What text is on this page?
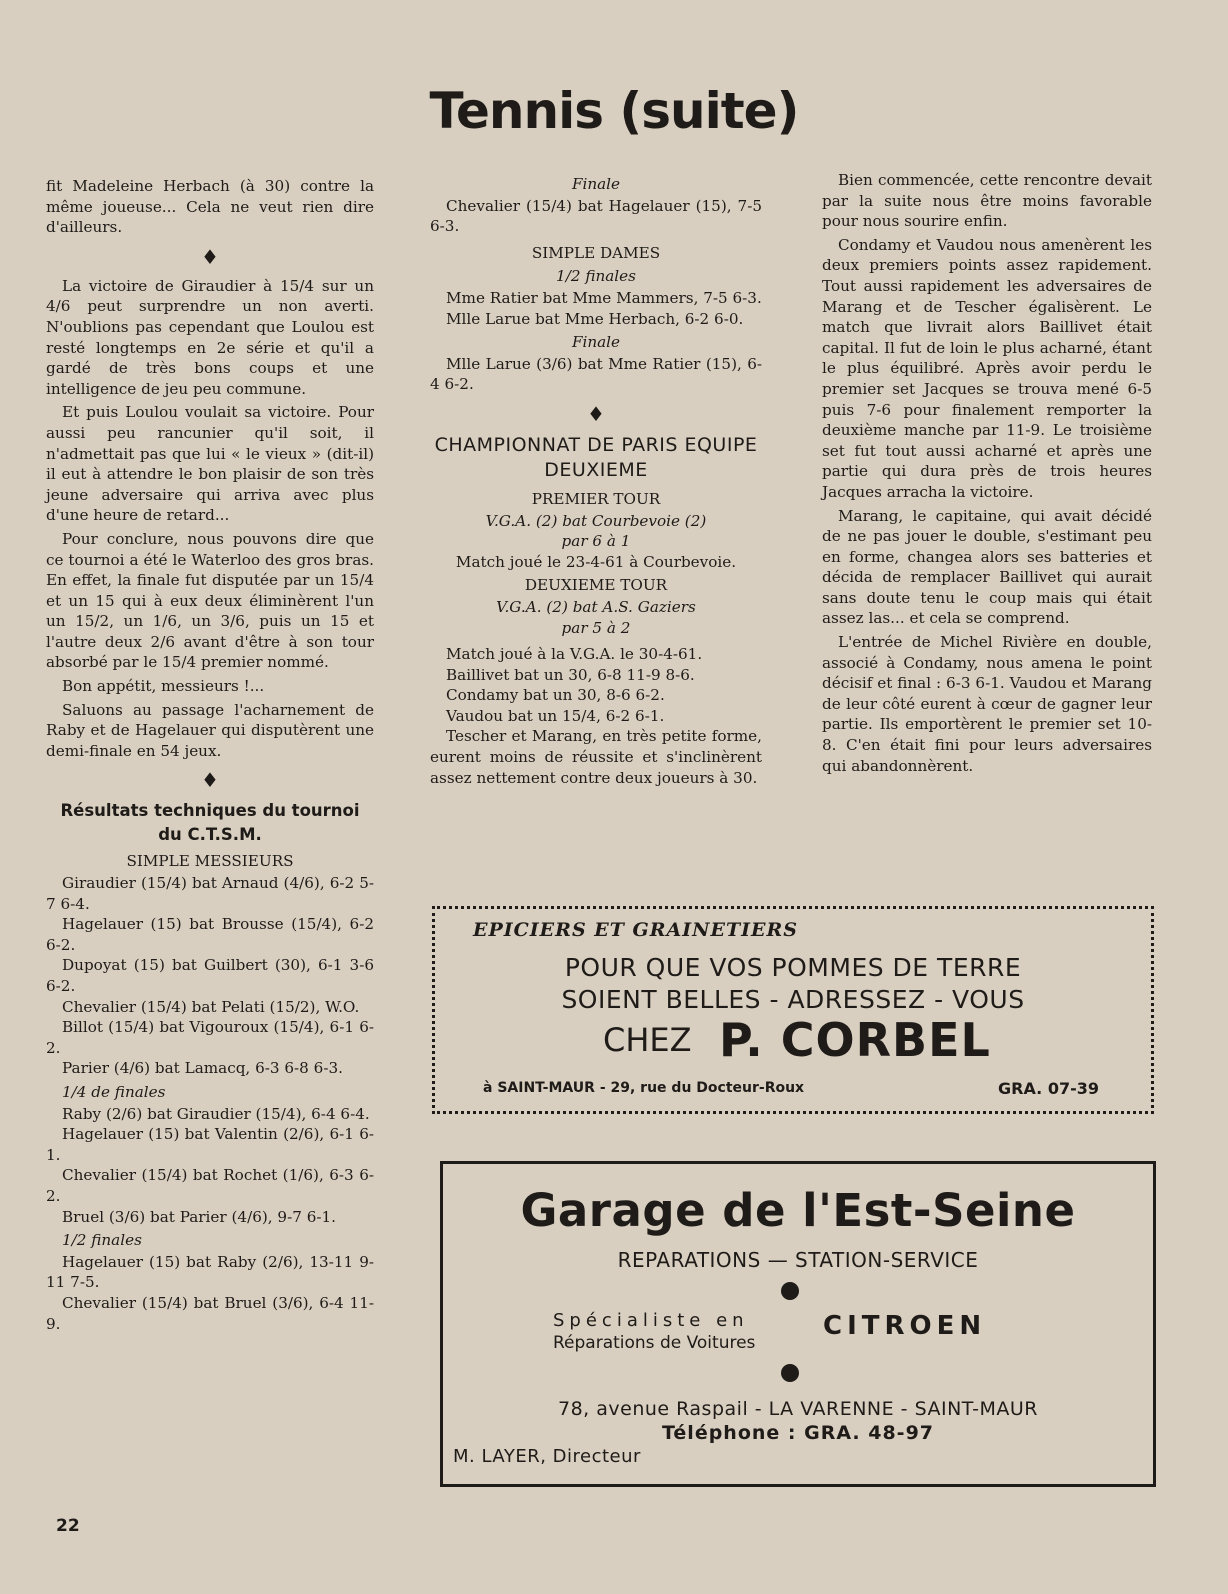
Tennis (suite)

fit Madeleine Herbach (à 30) contre la même joueuse... Cela ne veut rien dire d'ailleurs.

♦

La victoire de Giraudier à 15/4 sur un 4/6 peut surprendre un non averti. N'oublions pas cependant que Loulou est resté longtemps en 2e série et qu'il a gardé de très bons coups et une intelligence de jeu peu commune.

Et puis Loulou voulait sa victoire. Pour aussi peu rancunier qu'il soit, il n'admettait pas que lui « le vieux » (dit-il) il eut à attendre le bon plaisir de son très jeune adversaire qui arriva avec plus d'une heure de retard...

Pour conclure, nous pouvons dire que ce tournoi a été le Waterloo des gros bras. En effet, la finale fut disputée par un 15/4 et un 15 qui à eux deux éliminèrent l'un un 15/2, un 1/6, un 3/6, puis un 15 et l'autre deux 2/6 avant d'être à son tour absorbé par le 15/4 premier nommé.

Bon appétit, messieurs !...

Saluons au passage l'acharnement de Raby et de Hagelauer qui disputèrent une demi-finale en 54 jeux.

♦
Résultats techniques du tournoi du C.T.S.M.
SIMPLE MESSIEURS
Giraudier (15/4) bat Arnaud (4/6), 6-2 5-7 6-4.
Hagelauer (15) bat Brousse (15/4), 6-2 6-2.
Dupoyat (15) bat Guilbert (30), 6-1 3-6 6-2.
Chevalier (15/4) bat Pelati (15/2), W.O.
Billot (15/4) bat Vigouroux (15/4), 6-1 6-2.
Parier (4/6) bat Lamacq, 6-3 6-8 6-3.
1/4 de finales
Raby (2/6) bat Giraudier (15/4), 6-4 6-4.
Hagelauer (15) bat Valentin (2/6), 6-1 6-1.
Chevalier (15/4) bat Rochet (1/6), 6-3 6-2.
Bruel (3/6) bat Parier (4/6), 9-7 6-1.
1/2 finales
Hagelauer (15) bat Raby (2/6), 13-11 9-11 7-5.
Chevalier (15/4) bat Bruel (3/6), 6-4 11-9.
Finale
Chevalier (15/4) bat Hagelauer (15), 7-5 6-3.
SIMPLE DAMES
1/2 finales
Mme Ratier bat Mme Mammers, 7-5 6-3.
Mlle Larue bat Mme Herbach, 6-2 6-0.
Finale
Mlle Larue (3/6) bat Mme Ratier (15), 6-4 6-2.
♦
CHAMPIONNAT DE PARIS EQUIPE DEUXIEME
PREMIER TOUR
V.G.A. (2) bat Courbevoie (2)
par 6 à 1
Match joué le 23-4-61 à Courbevoie.
DEUXIEME TOUR
V.G.A. (2) bat A.S. Gaziers
par 5 à 2
Match joué à la V.G.A. le 30-4-61.
Baillivet bat un 30, 6-8 11-9 8-6.
Condamy bat un 30, 8-6 6-2.
Vaudou bat un 15/4, 6-2 6-1.

Tescher et Marang, en très petite forme, eurent moins de réussite et s'inclinèrent assez nettement contre deux joueurs à 30.

Bien commencée, cette rencontre devait par la suite nous être moins favorable pour nous sourire enfin.

Condamy et Vaudou nous amenèrent les deux premiers points assez rapidement. Tout aussi rapidement les adversaires de Marang et de Tescher égalisèrent. Le match que livrait alors Baillivet était capital. Il fut de loin le plus acharné, étant le plus équilibré. Après avoir perdu le premier set Jacques se trouva mené 6-5 puis 7-6 pour finalement remporter la deuxième manche par 11-9. Le troisième set fut tout aussi acharné et après une partie qui dura près de trois heures Jacques arracha la victoire.

Marang, le capitaine, qui avait décidé de ne pas jouer le double, s'estimant peu en forme, changea alors ses batteries et décida de remplacer Baillivet qui aurait sans doute tenu le coup mais qui était assez las... et cela se comprend.

L'entrée de Michel Rivière en double, associé à Condamy, nous amena le point décisif et final : 6-3 6-1. Vaudou et Marang de leur côté eurent à cœur de gagner leur partie. Ils emportèrent le premier set 10-8. C'en était fini pour leurs adversaires qui abandonnèrent.

EPICIERS ET GRAINETIERS
POUR QUE VOS POMMES DE TERRE
SOIENT BELLES - ADRESSEZ - VOUS
CHEZ P. CORBEL
à SAINT-MAUR - 29, rue du Docteur-Roux	GRA. 07-39
Garage de l'Est-Seine
REPARATIONS — STATION-SERVICE
Spécialiste en
Réparations de Voitures
CITROEN
78, avenue Raspail - LA VARENNE - SAINT-MAUR
Téléphone : GRA. 48-97
M. LAYER, Directeur
22
